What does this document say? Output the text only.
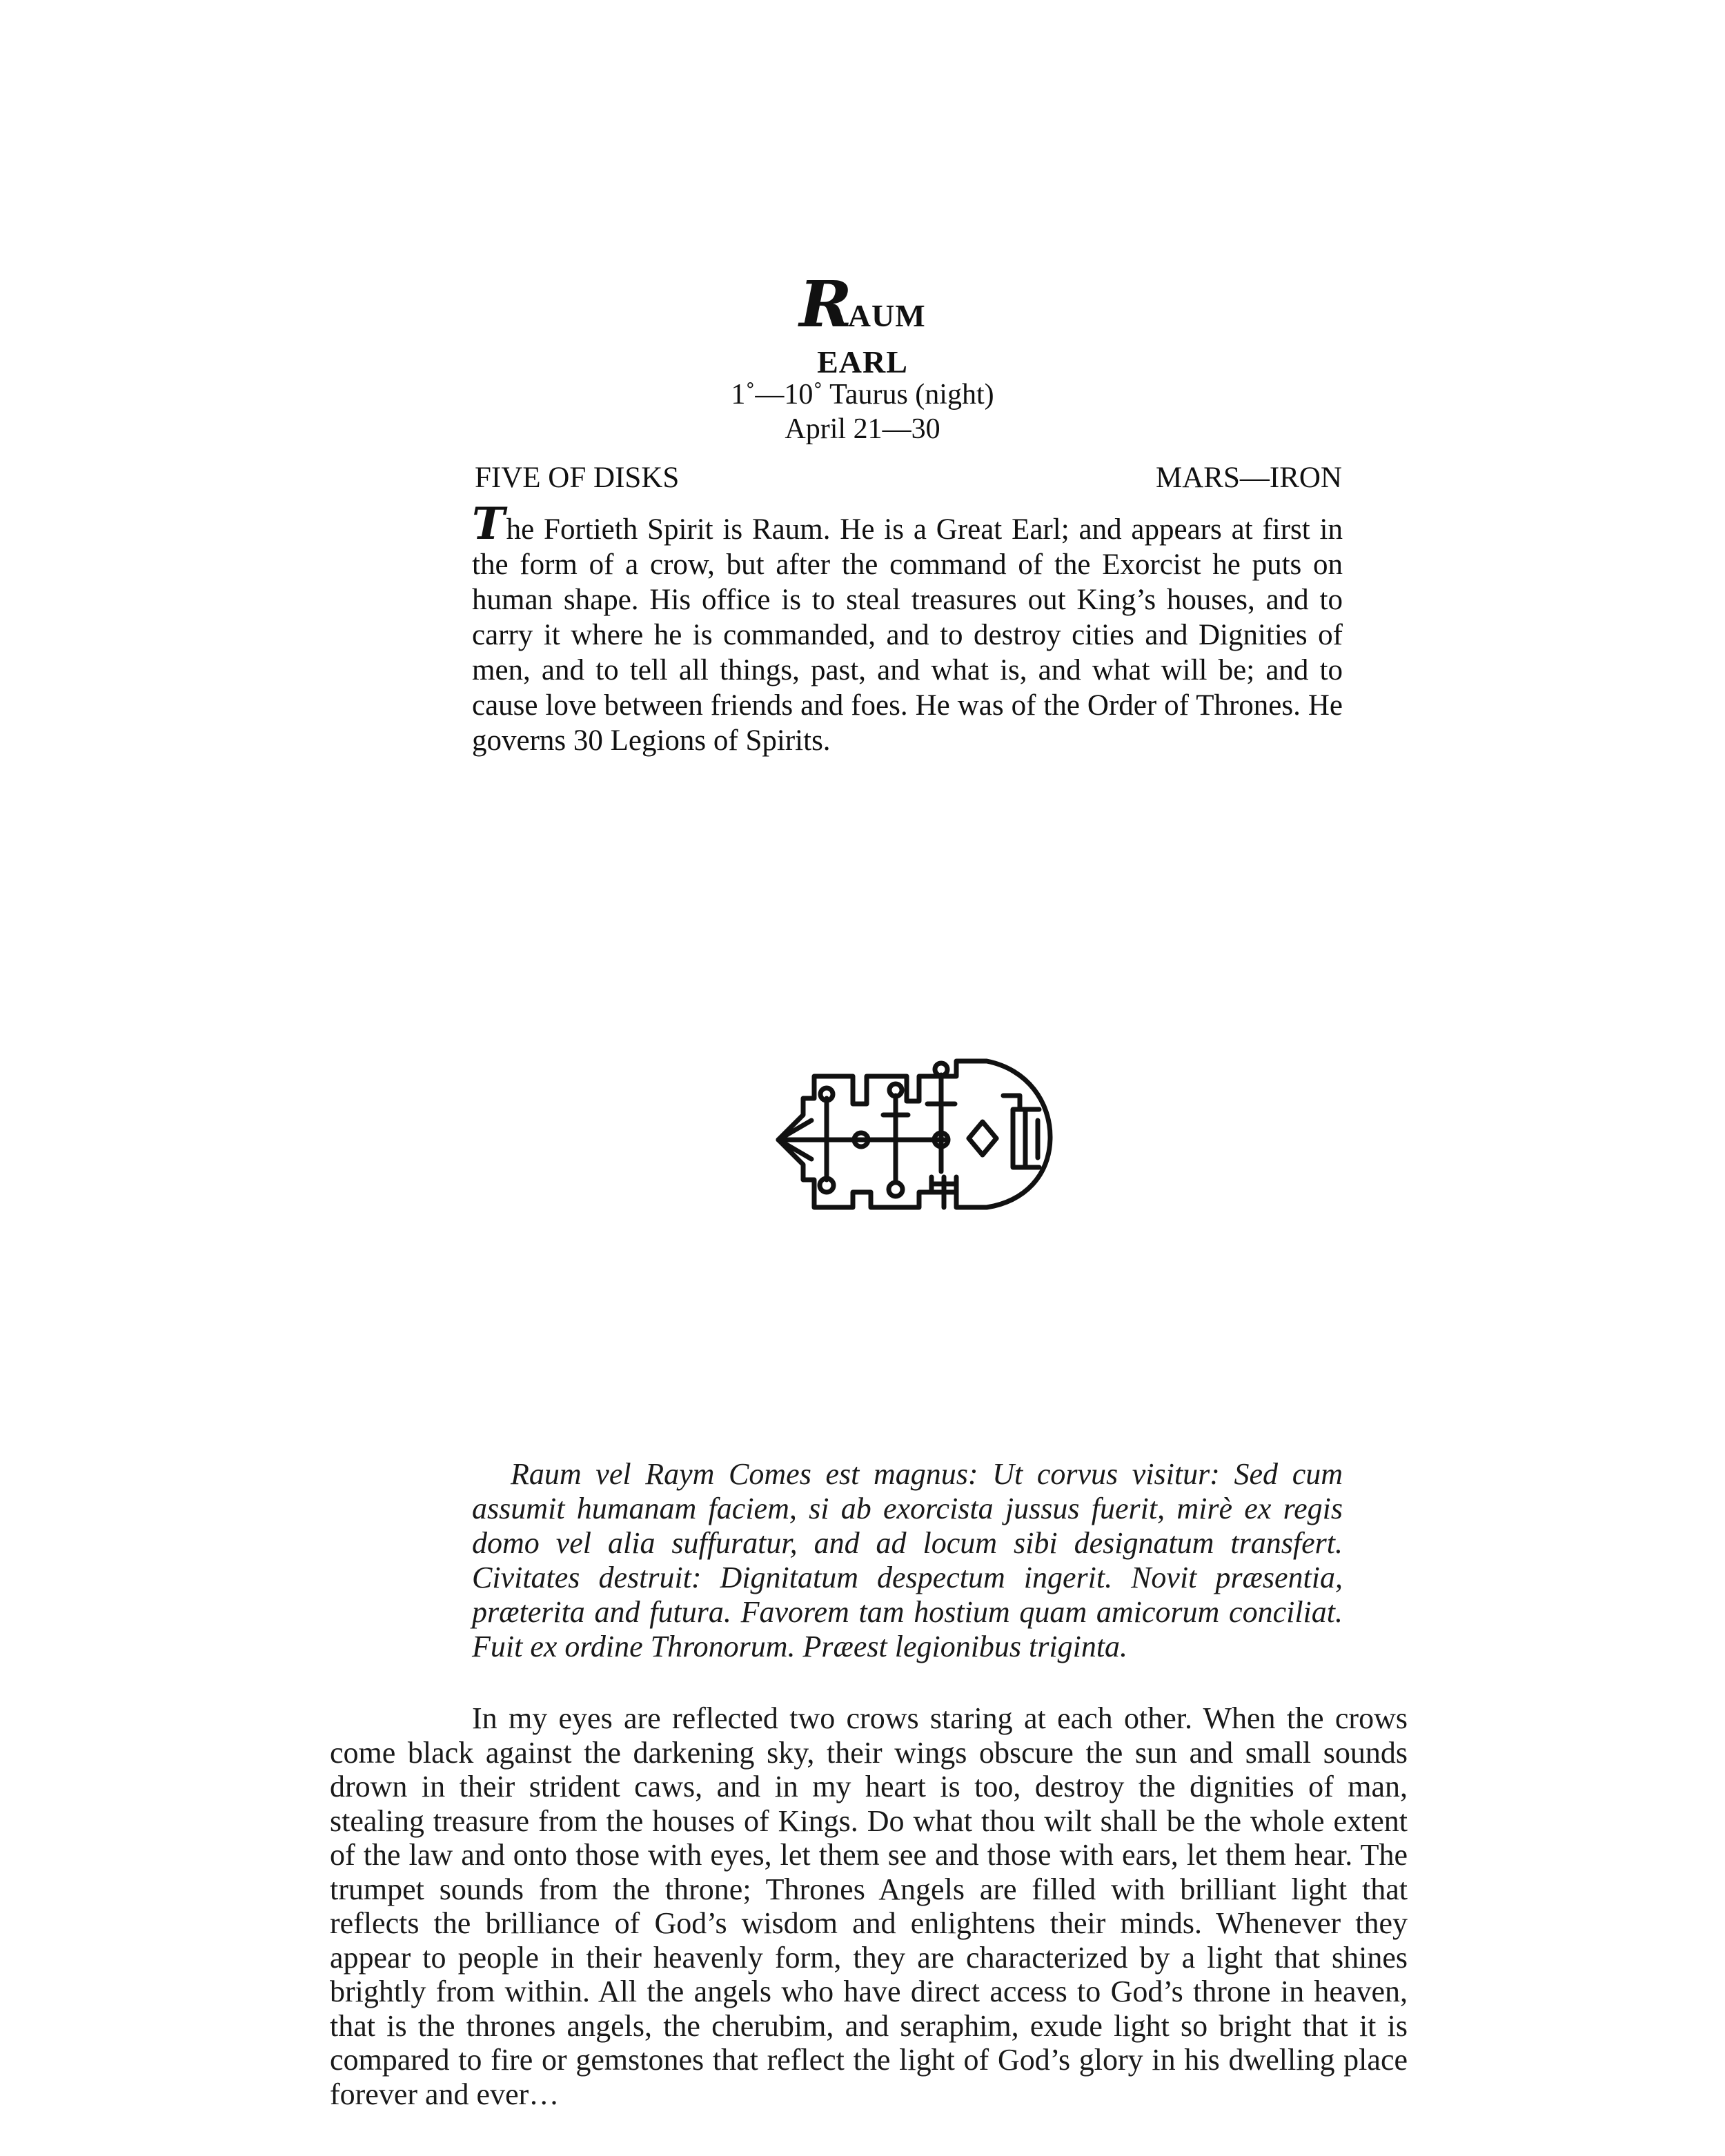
RAUM
EARL
1˚—10˚ Taurus (night)
April 21—30
FIVE OF DISKS	MARS—IRON
The Fortieth Spirit is Raum. He is a Great Earl; and appears at first in the form of a crow, but after the command of the Exorcist he puts on human shape. His office is to steal treasures out King’s houses, and to carry it where he is commanded, and to destroy cities and Dignities of men, and to tell all things, past, and what is, and what will be; and to cause love between friends and foes. He was of the Order of Thrones. He governs 30 Legions of Spirits.
Raum vel Raym Comes est magnus: Ut corvus visitur: Sed cum assumit humanam faciem, si ab exorcista jussus fuerit, mirè ex regis domo vel alia suffuratur, and ad locum sibi designatum transfert. Civitates destruit: Dignitatum despectum ingerit. Novit præsentia, præterita and futura. Favorem tam hostium quam amicorum conciliat. Fuit ex ordine Thronorum. Præest legionibus triginta.
In my eyes are reflected two crows staring at each other. When the crows come black against the darkening sky, their wings obscure the sun and small sounds drown in their strident caws, and in my heart is too, destroy the dignities of man, stealing treasure from the houses of Kings. Do what thou wilt shall be the whole extent of the law and onto those with eyes, let them see and those with ears, let them hear. The trumpet sounds from the throne; Thrones Angels are filled with brilliant light that reflects the brilliance of God’s wisdom and enlightens their minds. Whenever they appear to people in their heavenly form, they are characterized by a light that shines brightly from within. All the angels who have direct access to God’s throne in heaven, that is the thrones angels, the cherubim, and seraphim, exude light so bright that it is compared to fire or gemstones that reflect the light of God’s glory in his dwelling place forever and ever…
